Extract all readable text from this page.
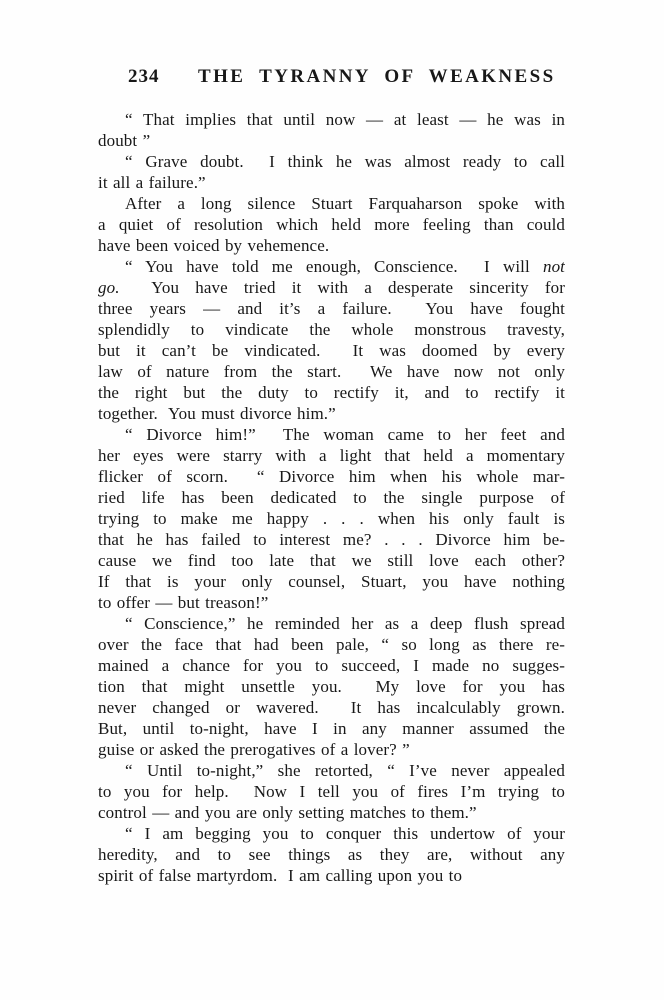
234 THE TYRANNY OF WEAKNESS
“ That implies that until now — at least — he was in
doubt ”
“ Grave doubt.  I think he was almost ready to call
it all a failure.”
After a long silence Stuart Farquaharson spoke with
a quiet of resolution which held more feeling than could
have been voiced by vehemence.
“ You have told me enough, Conscience.  I will not
go.  You have tried it with a desperate sincerity for
three years — and it’s a failure.  You have fought
splendidly to vindicate the whole monstrous travesty,
but it can’t be vindicated.  It was doomed by every
law of nature from the start.  We have now not only
the right but the duty to rectify it, and to rectify it
together.  You must divorce him.”
“ Divorce him!”  The woman came to her feet and
her eyes were starry with a light that held a momentary
flicker of scorn.  “ Divorce him when his whole mar-
ried life has been dedicated to the single purpose of
trying to make me happy . . . when his only fault is
that he has failed to interest me? . . . Divorce him be-
cause we find too late that we still love each other?
If that is your only counsel, Stuart, you have nothing
to offer — but treason!”
“ Conscience,” he reminded her as a deep flush spread
over the face that had been pale, “ so long as there re-
mained a chance for you to succeed, I made no sugges-
tion that might unsettle you.  My love for you has
never changed or wavered.  It has incalculably grown.
But, until to-night, have I in any manner assumed the
guise or asked the prerogatives of a lover? ”
“ Until to-night,” she retorted, “ I’ve never appealed
to you for help.  Now I tell you of fires I’m trying to
control — and you are only setting matches to them.”
“ I am begging you to conquer this undertow of your
heredity, and to see things as they are, without any
spirit of false martyrdom.  I am calling upon you to
